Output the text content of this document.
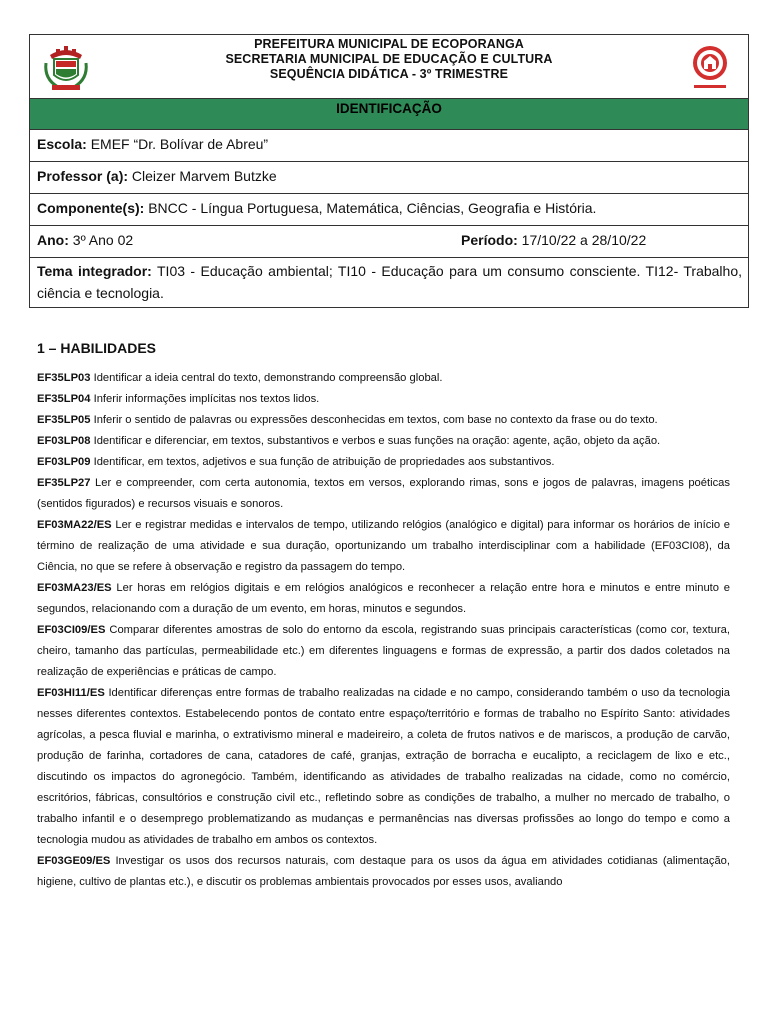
PREFEITURA MUNICIPAL DE ECOPORANGA
SECRETARIA MUNICIPAL DE EDUCAÇÃO E CULTURA
SEQUÊNCIA DIDÁTICA - 3º TRIMESTRE
IDENTIFICAÇÃO
Escola: EMEF “Dr. Bolívar de Abreu”
Professor (a): Cleizer Marvem Butzke
Componente(s): BNCC - Língua Portuguesa, Matemática, Ciências, Geografia e História.
Ano: 3º Ano 02	Período: 17/10/22 a 28/10/22
Tema integrador: TI03 - Educação ambiental; TI10 - Educação para um consumo consciente. TI12- Trabalho, ciência e tecnologia.
1 – HABILIDADES

EF35LP03 Identificar a ideia central do texto, demonstrando compreensão global.

EF35LP04 Inferir informações implícitas nos textos lidos.

EF35LP05 Inferir o sentido de palavras ou expressões desconhecidas em textos, com base no contexto da frase ou do texto.

EF03LP08 Identificar e diferenciar, em textos, substantivos e verbos e suas funções na oração: agente, ação, objeto da ação.

EF03LP09 Identificar, em textos, adjetivos e sua função de atribuição de propriedades aos substantivos.

EF35LP27 Ler e compreender, com certa autonomia, textos em versos, explorando rimas, sons e jogos de palavras, imagens poéticas (sentidos figurados) e recursos visuais e sonoros.

EF03MA22/ES Ler e registrar medidas e intervalos de tempo, utilizando relógios (analógico e digital) para informar os horários de início e término de realização de uma atividade e sua duração, oportunizando um trabalho interdisciplinar com a habilidade (EF03CI08), da Ciência, no que se refere à observação e registro da passagem do tempo.

EF03MA23/ES Ler horas em relógios digitais e em relógios analógicos e reconhecer a relação entre hora e minutos e entre minuto e segundos, relacionando com a duração de um evento, em horas, minutos e segundos.

EF03CI09/ES Comparar diferentes amostras de solo do entorno da escola, registrando suas principais características (como cor, textura, cheiro, tamanho das partículas, permeabilidade etc.) em diferentes linguagens e formas de expressão, a partir dos dados coletados na realização de experiências e práticas de campo.

EF03HI11/ES Identificar diferenças entre formas de trabalho realizadas na cidade e no campo, considerando também o uso da tecnologia nesses diferentes contextos. Estabelecendo pontos de contato entre espaço/território e formas de trabalho no Espírito Santo: atividades agrícolas, a pesca fluvial e marinha, o extrativismo mineral e madeireiro, a coleta de frutos nativos e de mariscos, a produção de carvão, produção de farinha, cortadores de cana, catadores de café, granjas, extração de borracha e eucalipto, a reciclagem de lixo e etc., discutindo os impactos do agronegócio. Também, identificando as atividades de trabalho realizadas na cidade, como no comércio, escritórios, fábricas, consultórios e construção civil etc., refletindo sobre as condições de trabalho, a mulher no mercado de trabalho, o trabalho infantil e o desemprego problematizando as mudanças e permanências nas diversas profissões ao longo do tempo e como a tecnologia mudou as atividades de trabalho em ambos os contextos.

EF03GE09/ES Investigar os usos dos recursos naturais, com destaque para os usos da água em atividades cotidianas (alimentação, higiene, cultivo de plantas etc.), e discutir os problemas ambientais provocados por esses usos, avaliando
